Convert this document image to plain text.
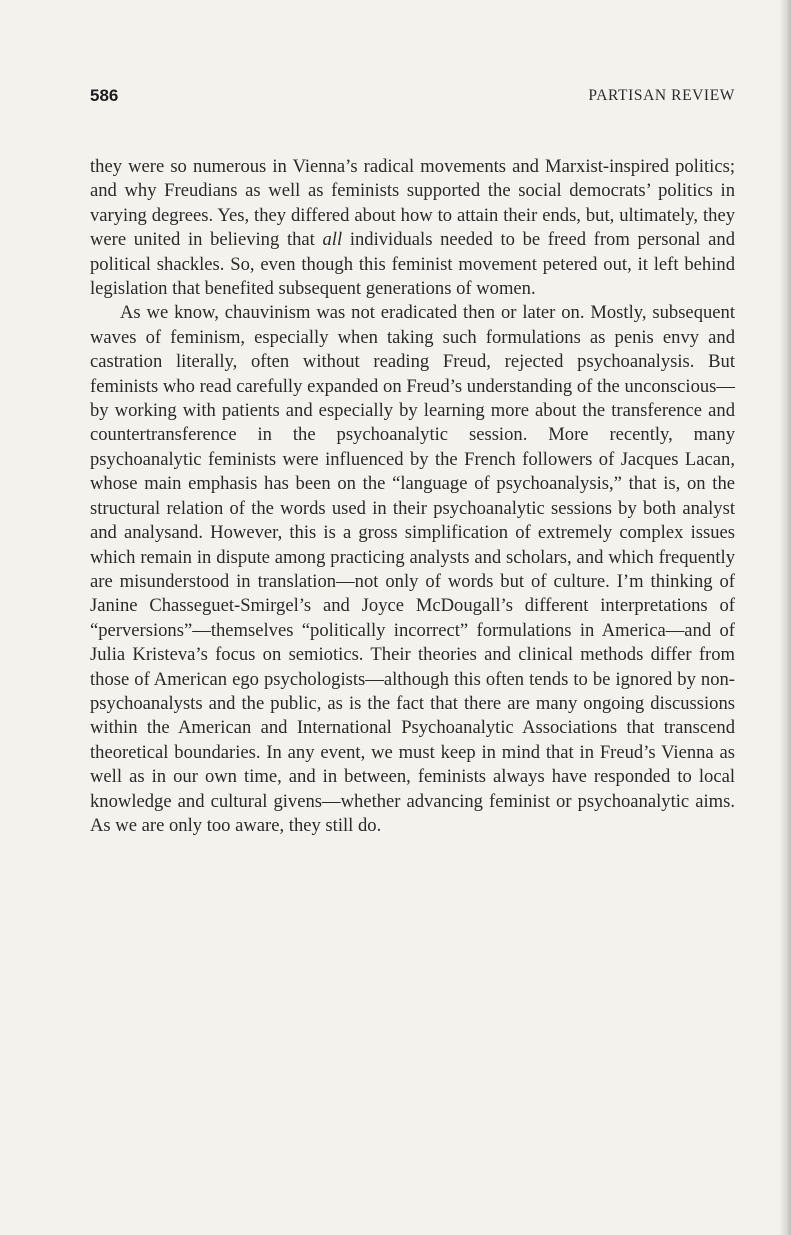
586	PARTISAN REVIEW

they were so numerous in Vienna’s radical movements and Marxist-inspired politics; and why Freudians as well as feminists supported the social democrats’ politics in varying degrees. Yes, they differed about how to attain their ends, but, ultimately, they were united in believing that all individuals needed to be freed from personal and political shackles. So, even though this feminist movement petered out, it left behind legislation that benefited subsequent generations of women.

As we know, chauvinism was not eradicated then or later on. Mostly, subsequent waves of feminism, especially when taking such formulations as penis envy and castration literally, often without reading Freud, rejected psychoanalysis. But feminists who read carefully expanded on Freud’s understanding of the unconscious—by working with patients and especially by learning more about the transference and countertransference in the psychoanalytic session. More recently, many psychoanalytic feminists were influenced by the French followers of Jacques Lacan, whose main emphasis has been on the “language of psychoanalysis,” that is, on the structural relation of the words used in their psychoanalytic sessions by both analyst and analysand. However, this is a gross simplification of extremely complex issues which remain in dispute among practicing analysts and scholars, and which frequently are misunderstood in translation—not only of words but of culture. I’m thinking of Janine Chasseguet-Smirgel’s and Joyce McDougall’s different interpretations of “perversions”—themselves “politically incorrect” formulations in America—and of Julia Kristeva’s focus on semiotics. Their theories and clinical methods differ from those of American ego psychologists—although this often tends to be ignored by non-psychoanalysts and the public, as is the fact that there are many ongoing discussions within the American and International Psychoanalytic Associations that transcend theoretical boundaries. In any event, we must keep in mind that in Freud’s Vienna as well as in our own time, and in between, feminists always have responded to local knowledge and cultural givens—whether advancing feminist or psychoanalytic aims. As we are only too aware, they still do.
